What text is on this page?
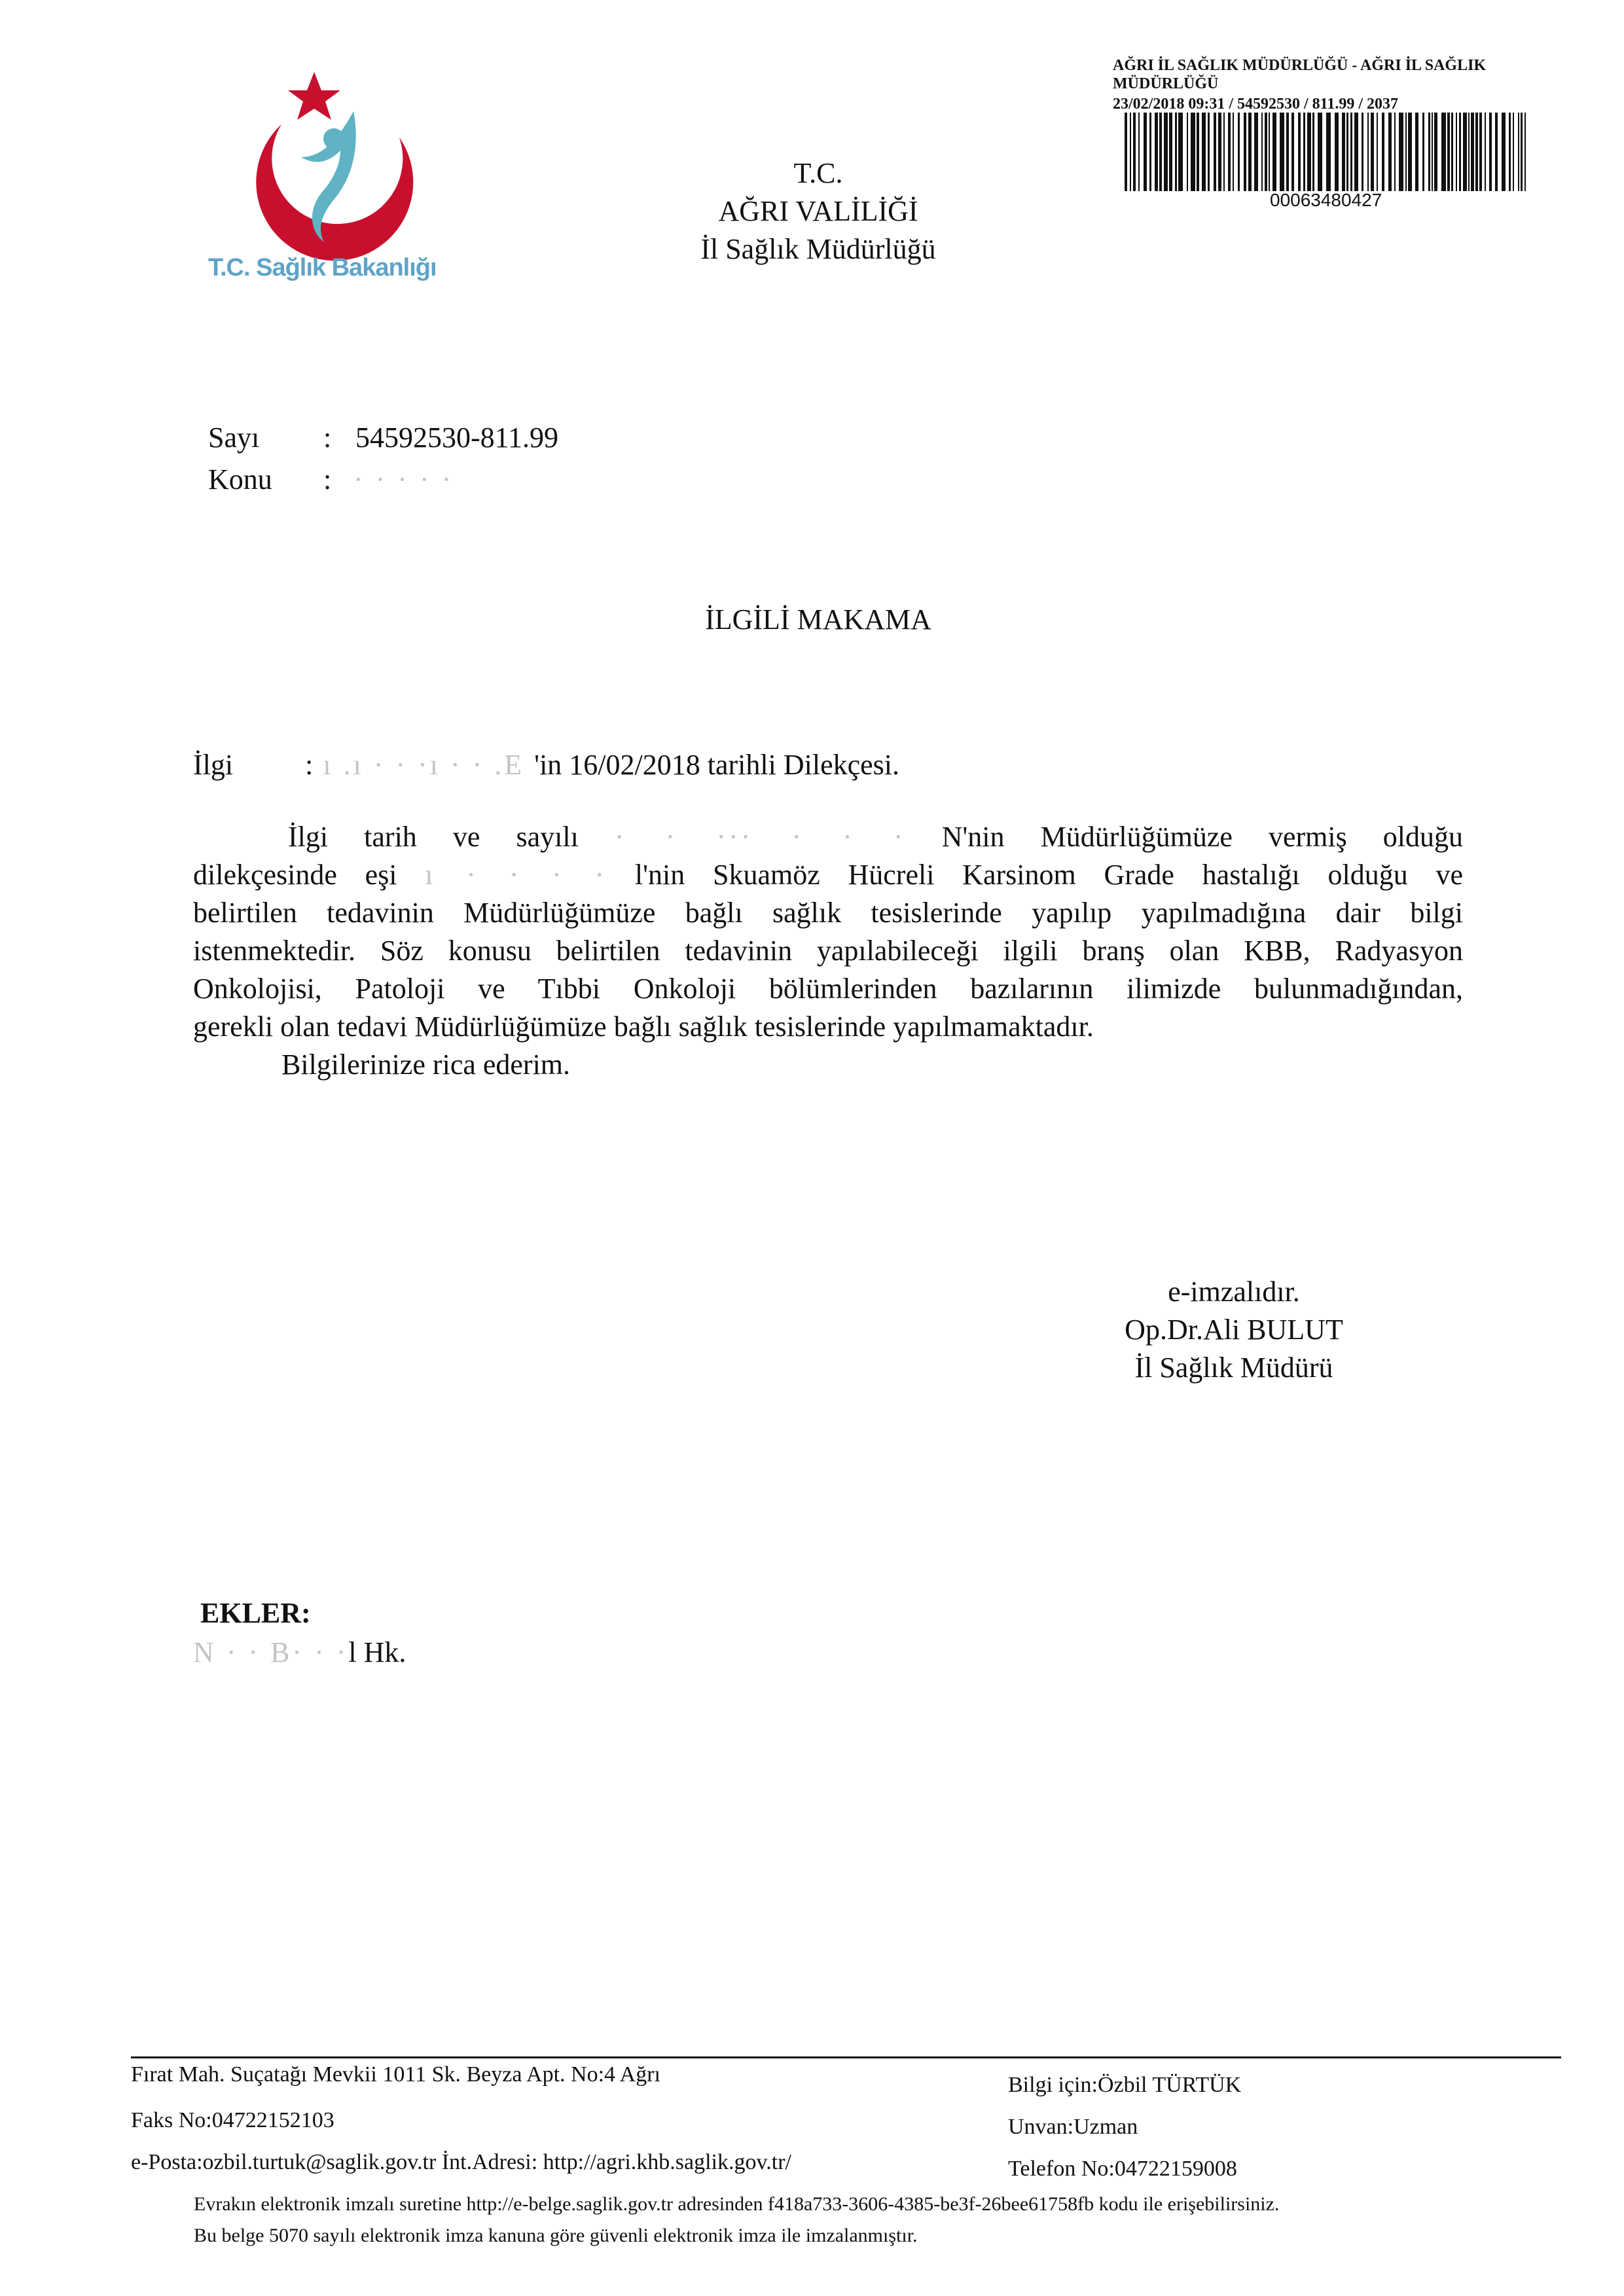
T.C. Sağlık Bakanlığı
T.C.
AĞRI VALİLİĞİ
İl Sağlık Müdürlüğü
AĞRI İL SAĞLIK MÜDÜRLÜĞÜ - AĞRI İL SAĞLIK
MÜDÜRLÜĞÜ
23/02/2018 09:31 / 54592530 / 811.99 / 2037
00063480427
Sayı : 54592530-811.99
Konu : · · · · ·
İLGİLİ MAKAMA
İlgi	: ı .ı · · ·ı · · .E 'in 16/02/2018 tarihli Dilekçesi.
İlgi tarih ve sayılı · · ··· · · · N'nin Müdürlüğümüze vermiş olduğu
dilekçesinde eşi ı · · · · l'nin Skuamöz Hücreli Karsinom Grade hastalığı olduğu ve
belirtilen tedavinin Müdürlüğümüze bağlı sağlık tesislerinde yapılıp yapılmadığına dair bilgi
istenmektedir. Söz konusu belirtilen tedavinin yapılabileceği ilgili branş olan KBB, Radyasyon
Onkolojisi, Patoloji ve Tıbbi Onkoloji bölümlerinden bazılarının ilimizde bulunmadığından,
gerekli olan tedavi Müdürlüğümüze bağlı sağlık tesislerinde yapılmamaktadır.
Bilgilerinize rica ederim.
e-imzalıdır.
Op.Dr.Ali BULUT
İl Sağlık Müdürü
EKLER:
N · · B· · ·l Hk.
Fırat Mah. Suçatağı Mevkii 1011 Sk. Beyza Apt. No:4 Ağrı
Faks No:04722152103
e-Posta:ozbil.turtuk@saglik.gov.tr İnt.Adresi: http://agri.khb.saglik.gov.tr/
Bilgi için:Özbil TÜRTÜK
Unvan:Uzman
Telefon No:04722159008
Evrakın elektronik imzalı suretine http://e-belge.saglik.gov.tr adresinden f418a733-3606-4385-be3f-26bee61758fb kodu ile erişebilirsiniz.
Bu belge 5070 sayılı elektronik imza kanuna göre güvenli elektronik imza ile imzalanmıştır.
